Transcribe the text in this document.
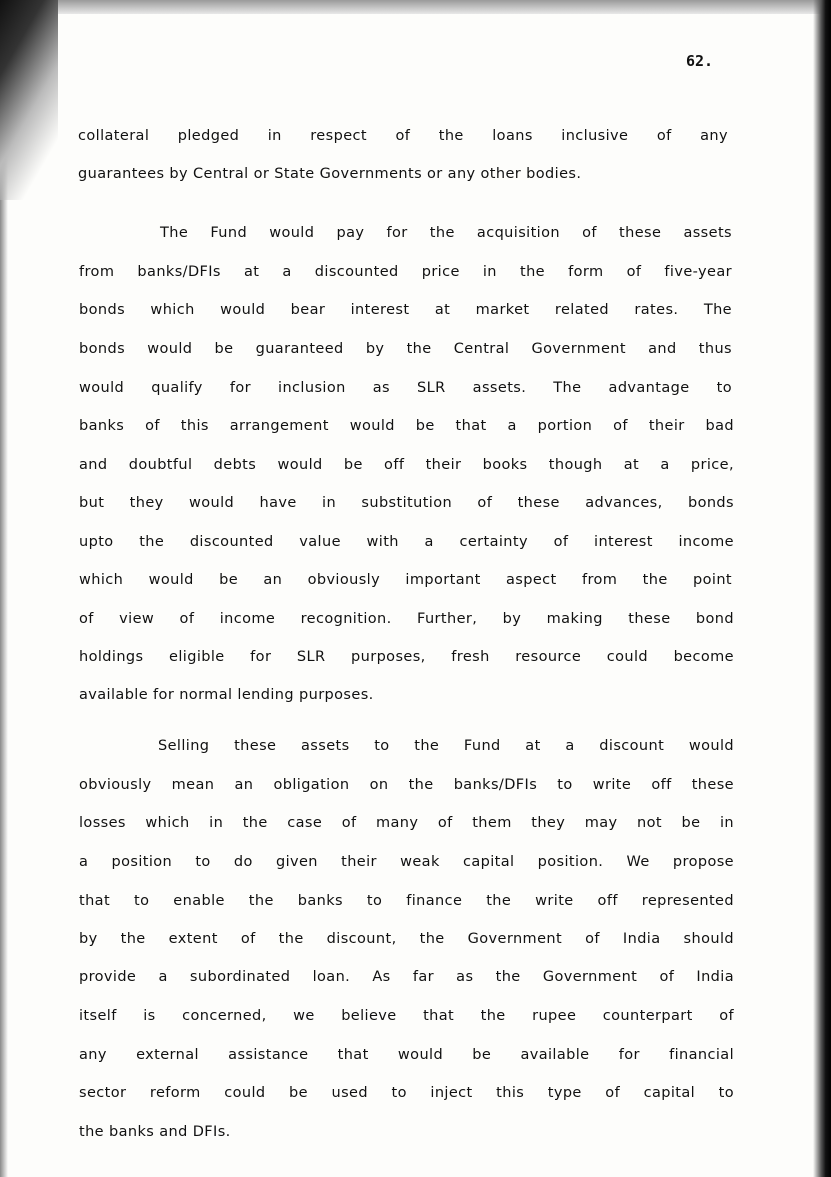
62.
collateral pledged in respect of the loans inclusive of any
guarantees by Central or State Governments or any other bodies.
The Fund would pay for the acquisition of these assets
from banks/DFIs at a discounted price in the form of five-year
bonds which would bear interest at market related rates. The
bonds would be guaranteed by the Central Government and thus
would qualify for inclusion as SLR assets. The advantage to
banks of this arrangement would be that a portion of their bad
and doubtful debts would be off their books though at a price,
but they would have in substitution of these advances, bonds
upto the discounted value with a certainty of interest income
which would be an obviously important aspect from the point
of view of income recognition. Further, by making these bond
holdings eligible for SLR purposes, fresh resource could become
available for normal lending purposes.
Selling these assets to the Fund at a discount would
obviously mean an obligation on the banks/DFIs to write off these
losses which in the case of many of them they may not be in
a position to do given their weak capital position. We propose
that to enable the banks to finance the write off represented
by the extent of the discount, the Government of India should
provide a subordinated loan. As far as the Government of India
itself is concerned, we believe that the rupee counterpart of
any external assistance that would be available for financial
sector reform could be used to inject this type of capital to
the banks and DFIs.
